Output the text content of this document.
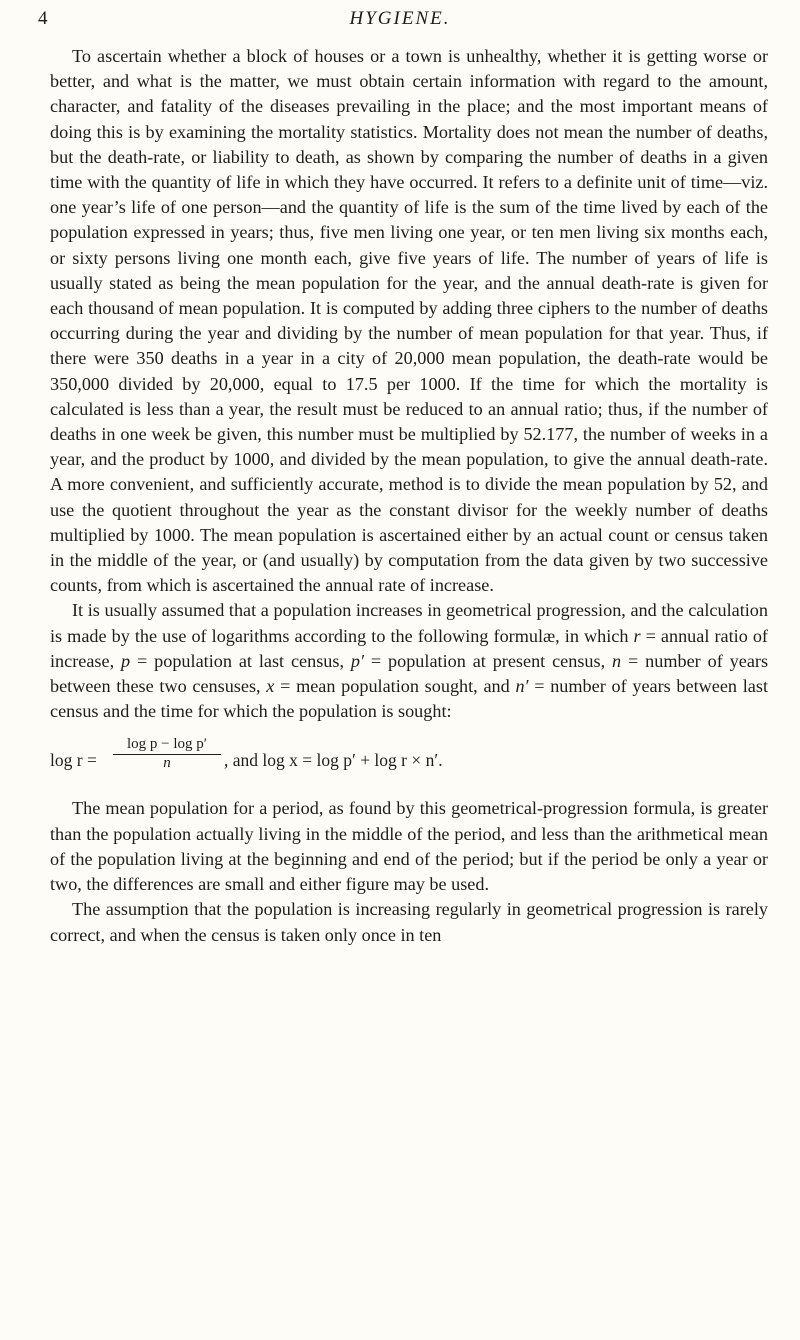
4	HYGIENE.

To ascertain whether a block of houses or a town is unhealthy, whether it is getting worse or better, and what is the matter, we must obtain certain information with regard to the amount, character, and fatality of the diseases prevailing in the place; and the most important means of doing this is by examining the mortality statistics. Mortality does not mean the number of deaths, but the death-rate, or liability to death, as shown by comparing the number of deaths in a given time with the quantity of life in which they have occurred. It refers to a definite unit of time—viz. one year’s life of one person—and the quantity of life is the sum of the time lived by each of the population expressed in years; thus, five men living one year, or ten men living six months each, or sixty persons living one month each, give five years of life. The number of years of life is usually stated as being the mean population for the year, and the annual death-rate is given for each thousand of mean population. It is computed by adding three ciphers to the number of deaths occurring during the year and dividing by the number of mean population for that year. Thus, if there were 350 deaths in a year in a city of 20,000 mean population, the death-rate would be 350,000 divided by 20,000, equal to 17.5 per 1000. If the time for which the mortality is calculated is less than a year, the result must be reduced to an annual ratio; thus, if the number of deaths in one week be given, this number must be multiplied by 52.177, the number of weeks in a year, and the product by 1000, and divided by the mean population, to give the annual death-rate. A more convenient, and sufficiently accurate, method is to divide the mean population by 52, and use the quotient throughout the year as the constant divisor for the weekly number of deaths multiplied by 1000. The mean population is ascertained either by an actual count or census taken in the middle of the year, or (and usually) by computation from the data given by two successive counts, from which is ascertained the annual rate of increase.

It is usually assumed that a population increases in geometrical progression, and the calculation is made by the use of logarithms according to the following formulæ, in which r = annual ratio of increase, p = population at last census, p′ = population at present census, n = number of years between these two censuses, x = mean population sought, and n′ = number of years between last census and the time for which the population is sought:

$\log r = \frac{\text{log p − log p′}}{n}$ , and log x = log p′ + log r × n′.

The mean population for a period, as found by this geometrical-progression formula, is greater than the population actually living in the middle of the period, and less than the arithmetical mean of the population living at the beginning and end of the period; but if the period be only a year or two, the differences are small and either figure may be used.

The assumption that the population is increasing regularly in geometrical progression is rarely correct, and when the census is taken only once in ten
